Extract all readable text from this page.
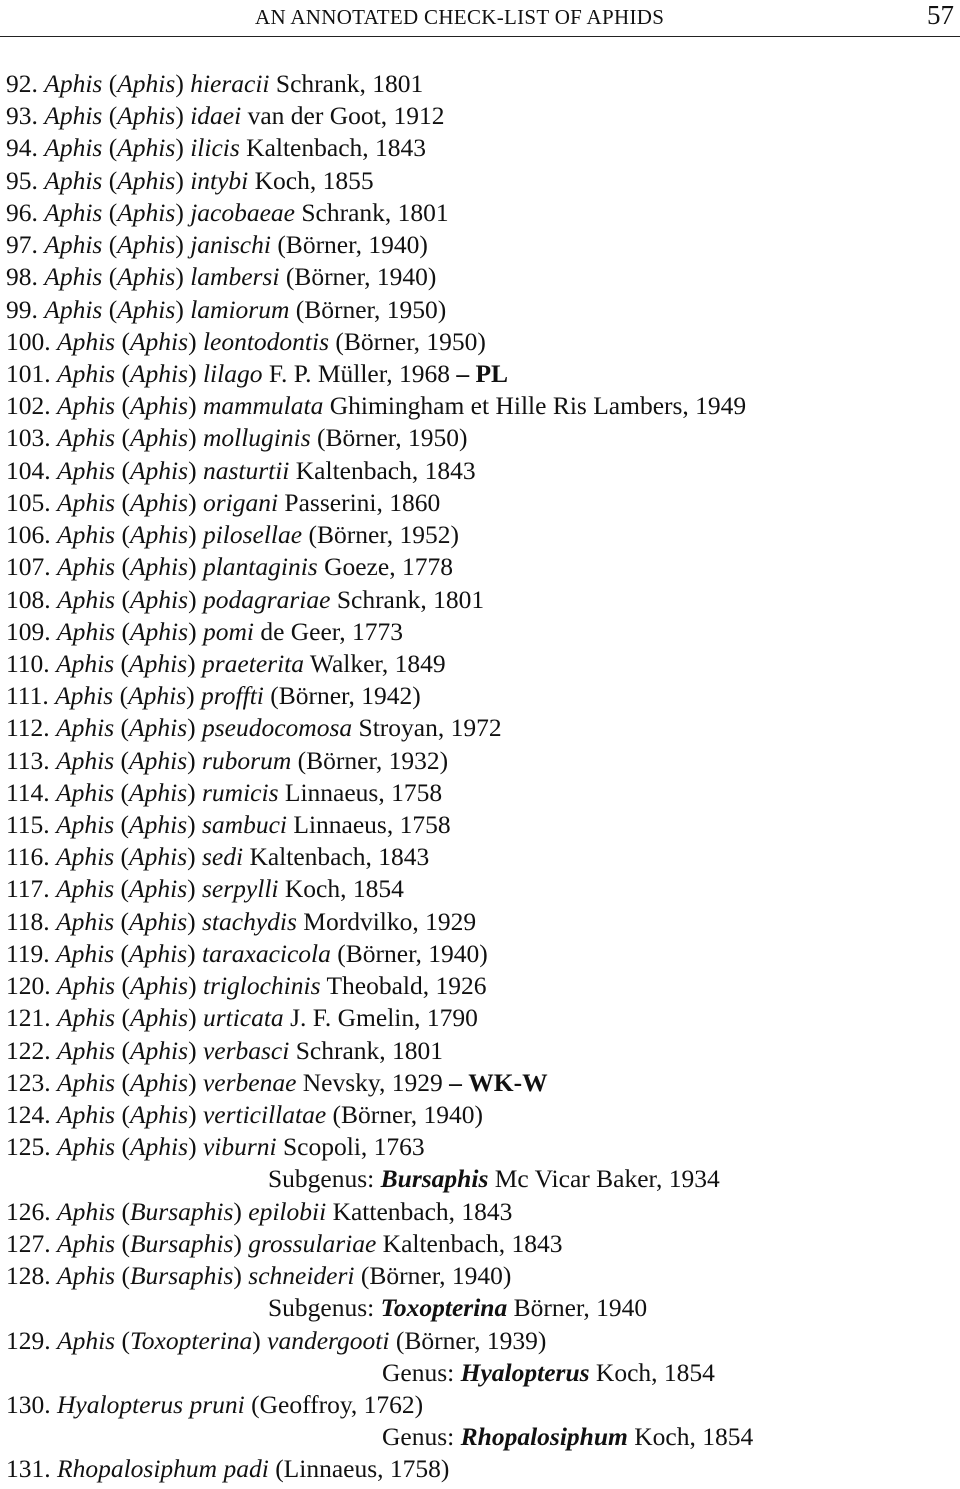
AN ANNOTATED CHECK-LIST OF APHIDS	57
92. Aphis (Aphis) hieracii Schrank, 1801
93. Aphis (Aphis) idaei van der Goot, 1912
94. Aphis (Aphis) ilicis Kaltenbach, 1843
95. Aphis (Aphis) intybi Koch, 1855
96. Aphis (Aphis) jacobaeae Schrank, 1801
97. Aphis (Aphis) janischi (Börner, 1940)
98. Aphis (Aphis) lambersi (Börner, 1940)
99. Aphis (Aphis) lamiorum (Börner, 1950)
100. Aphis (Aphis) leontodontis (Börner, 1950)
101. Aphis (Aphis) lilago F. P. Müller, 1968 – PL
102. Aphis (Aphis) mammulata Ghimingham et Hille Ris Lambers, 1949
103. Aphis (Aphis) molluginis (Börner, 1950)
104. Aphis (Aphis) nasturtii Kaltenbach, 1843
105. Aphis (Aphis) origani Passerini, 1860
106. Aphis (Aphis) pilosellae (Börner, 1952)
107. Aphis (Aphis) plantaginis Goeze, 1778
108. Aphis (Aphis) podagrariae Schrank, 1801
109. Aphis (Aphis) pomi de Geer, 1773
110. Aphis (Aphis) praeterita Walker, 1849
111. Aphis (Aphis) proffti (Börner, 1942)
112. Aphis (Aphis) pseudocomosa Stroyan, 1972
113. Aphis (Aphis) ruborum (Börner, 1932)
114. Aphis (Aphis) rumicis Linnaeus, 1758
115. Aphis (Aphis) sambuci Linnaeus, 1758
116. Aphis (Aphis) sedi Kaltenbach, 1843
117. Aphis (Aphis) serpylli Koch, 1854
118. Aphis (Aphis) stachydis Mordvilko, 1929
119. Aphis (Aphis) taraxacicola (Börner, 1940)
120. Aphis (Aphis) triglochinis Theobald, 1926
121. Aphis (Aphis) urticata J. F. Gmelin, 1790
122. Aphis (Aphis) verbasci Schrank, 1801
123. Aphis (Aphis) verbenae Nevsky, 1929 – WK-W
124. Aphis (Aphis) verticillatae (Börner, 1940)
125. Aphis (Aphis) viburni Scopoli, 1763
Subgenus: Bursaphis Mc Vicar Baker, 1934
126. Aphis (Bursaphis) epilobii Kattenbach, 1843
127. Aphis (Bursaphis) grossulariae Kaltenbach, 1843
128. Aphis (Bursaphis) schneideri (Börner, 1940)
Subgenus: Toxopterina Börner, 1940
129. Aphis (Toxopterina) vandergooti (Börner, 1939)
Genus: Hyalopterus Koch, 1854
130. Hyalopterus pruni (Geoffroy, 1762)
Genus: Rhopalosiphum Koch, 1854
131. Rhopalosiphum padi (Linnaeus, 1758)
